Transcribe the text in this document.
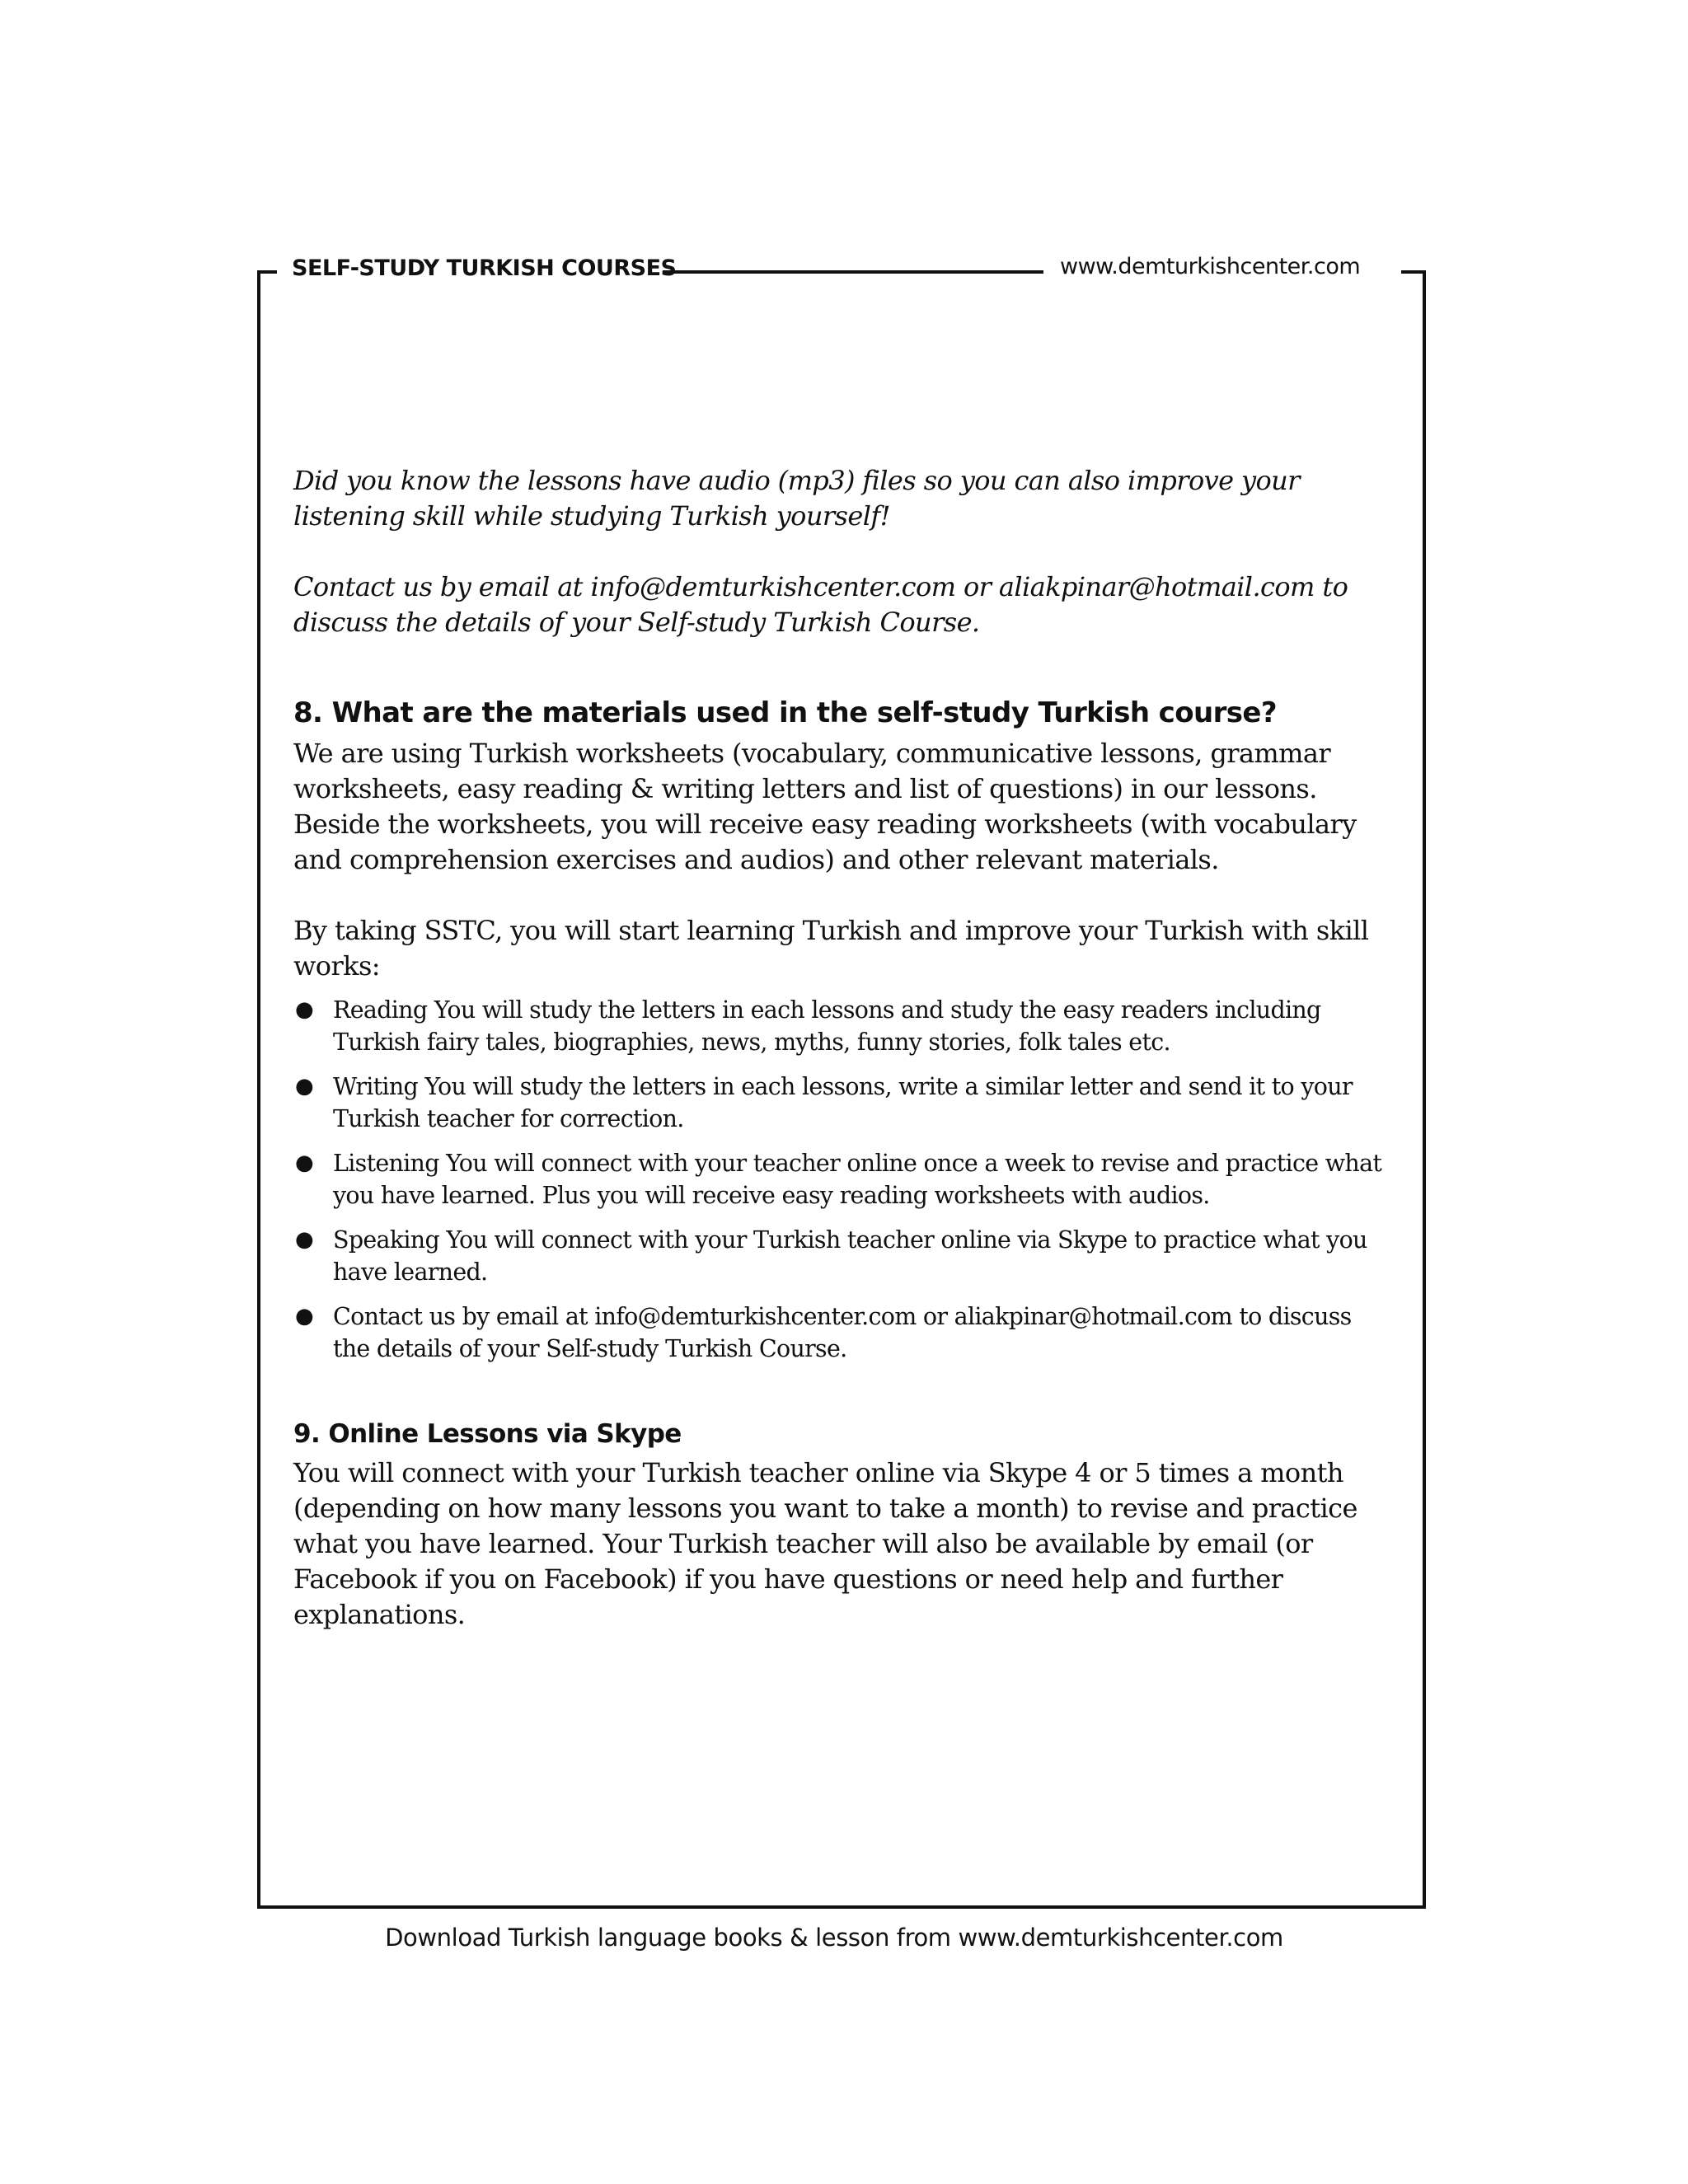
SELF-STUDY TURKISH COURSES	www.demturkishcenter.com

Did you know the lessons have audio (mp3) files so you can also improve your listening skill while studying Turkish yourself!

Contact us by email at info@demturkishcenter.com or aliakpinar@hotmail.com to discuss the details of your Self-study Turkish Course.

8. What are the materials used in the self-study Turkish course?

We are using Turkish worksheets (vocabulary, communicative lessons, grammar worksheets, easy reading & writing letters and list of questions) in our lessons. Beside the worksheets, you will receive easy reading worksheets (with vocabulary and comprehension exercises and audios) and other relevant materials.

By taking SSTC, you will start learning Turkish and improve your Turkish with skill works:

● Reading You will study the letters in each lessons and study the easy readers including Turkish fairy tales, biographies, news, myths, funny stories, folk tales etc.
● Writing You will study the letters in each lessons, write a similar letter and send it to your Turkish teacher for correction.
● Listening You will connect with your teacher online once a week to revise and practice what you have learned. Plus you will receive easy reading worksheets with audios.
● Speaking You will connect with your Turkish teacher online via Skype to practice what you have learned.
● Contact us by email at info@demturkishcenter.com or aliakpinar@hotmail.com to discuss the details of your Self-study Turkish Course.
9. Online Lessons via Skype

You will connect with your Turkish teacher online via Skype 4 or 5 times a month (depending on how many lessons you want to take a month) to revise and practice what you have learned. Your Turkish teacher will also be available by email (or Facebook if you on Facebook) if you have questions or need help and further explanations.

Download Turkish language books & lesson from www.demturkishcenter.com
